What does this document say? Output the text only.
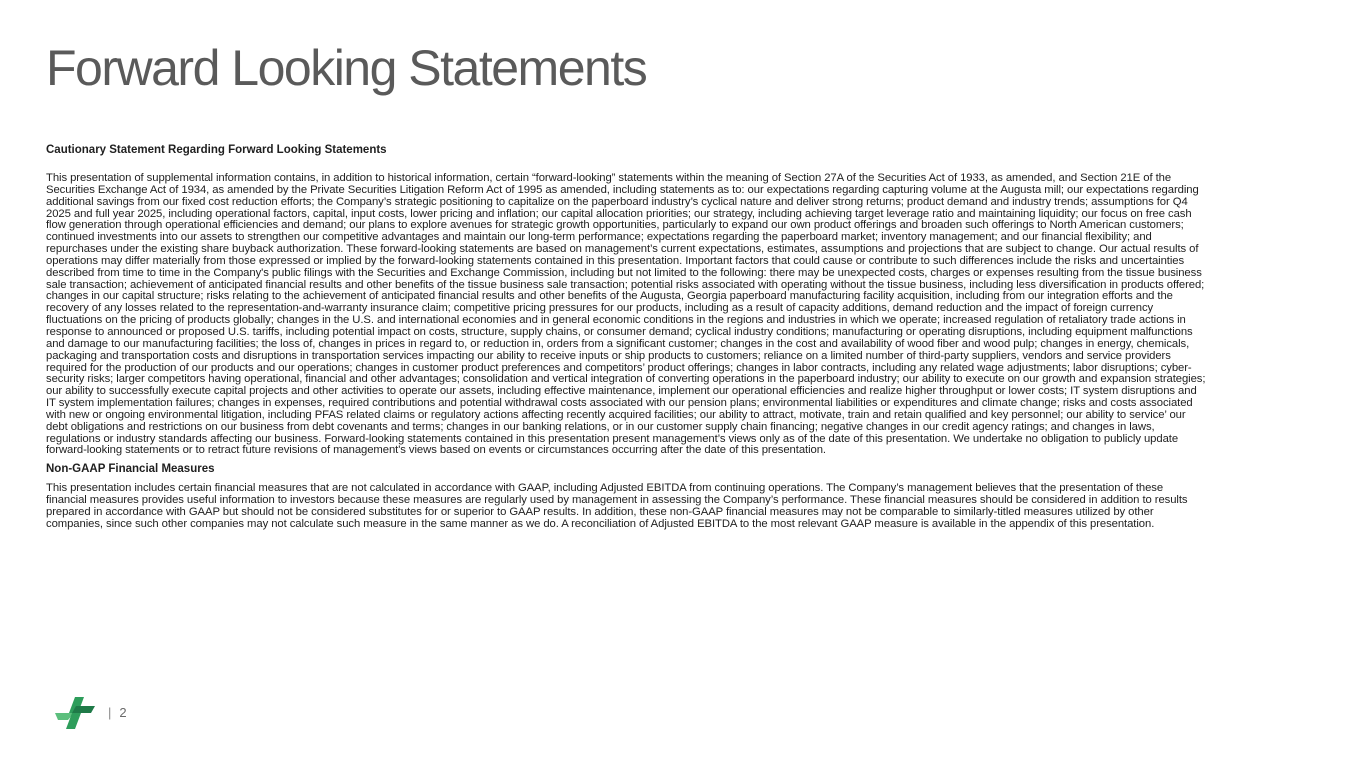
Forward Looking Statements
Cautionary Statement Regarding Forward Looking Statements

This presentation of supplemental information contains, in addition to historical information, certain “forward-looking” statements within the meaning of Section 27A of the Securities Act of 1933, as amended, and Section 21E of the Securities Exchange Act of 1934, as amended by the Private Securities Litigation Reform Act of 1995 as amended, including statements as to: our expectations regarding capturing volume at the Augusta mill; our expectations regarding additional savings from our fixed cost reduction efforts; the Company’s strategic positioning to capitalize on the paperboard industry’s cyclical nature and deliver strong returns; product demand and industry trends; assumptions for Q4 2025 and full year 2025, including operational factors, capital, input costs, lower pricing and inflation; our capital allocation priorities; our strategy, including achieving target leverage ratio and maintaining liquidity; our focus on free cash flow generation through operational efficiencies and demand; our plans to explore avenues for strategic growth opportunities, particularly to expand our own product offerings and broaden such offerings to North American customers; continued investments into our assets to strengthen our competitive advantages and maintain our long-term performance; expectations regarding the paperboard market; inventory management; and our financial flexibility; and repurchases under the existing share buyback authorization. These forward-looking statements are based on management’s current expectations, estimates, assumptions and projections that are subject to change. Our actual results of operations may differ materially from those expressed or implied by the forward-looking statements contained in this presentation. Important factors that could cause or contribute to such differences include the risks and uncertainties described from time to time in the Company's public filings with the Securities and Exchange Commission, including but not limited to the following: there may be unexpected costs, charges or expenses resulting from the tissue business sale transaction; achievement of anticipated financial results and other benefits of the tissue business sale transaction; potential risks associated with operating without the tissue business, including less diversification in products offered; changes in our capital structure; risks relating to the achievement of anticipated financial results and other benefits of the Augusta, Georgia paperboard manufacturing facility acquisition, including from our integration efforts and the recovery of any losses related to the representation-and-warranty insurance claim; competitive pricing pressures for our products, including as a result of capacity additions, demand reduction and the impact of foreign currency fluctuations on the pricing of products globally; changes in the U.S. and international economies and in general economic conditions in the regions and industries in which we operate; increased regulation of retaliatory trade actions in response to announced or proposed U.S. tariffs, including potential impact on costs, structure, supply chains, or consumer demand; cyclical industry conditions; manufacturing or operating disruptions, including equipment malfunctions and damage to our manufacturing facilities; the loss of, changes in prices in regard to, or reduction in, orders from a significant customer; changes in the cost and availability of wood fiber and wood pulp; changes in energy, chemicals, packaging and transportation costs and disruptions in transportation services impacting our ability to receive inputs or ship products to customers; reliance on a limited number of third-party suppliers, vendors and service providers required for the production of our products and our operations; changes in customer product preferences and competitors’ product offerings; changes in labor contracts, including any related wage adjustments; labor disruptions; cyber-security risks; larger competitors having operational, financial and other advantages; consolidation and vertical integration of converting operations in the paperboard industry; our ability to execute on our growth and expansion strategies; our ability to successfully execute capital projects and other activities to operate our assets, including effective maintenance, implement our operational efficiencies and realize higher throughput or lower costs; IT system disruptions and IT system implementation failures; changes in expenses, required contributions and potential withdrawal costs associated with our pension plans; environmental liabilities or expenditures and climate change; risks and costs associated with new or ongoing environmental litigation, including PFAS related claims or regulatory actions affecting recently acquired facilities; our ability to attract, motivate, train and retain qualified and key personnel; our ability to service’ our debt obligations and restrictions on our business from debt covenants and terms; changes in our banking relations, or in our customer supply chain financing; negative changes in our credit agency ratings; and changes in laws, regulations or industry standards affecting our business. Forward-looking statements contained in this presentation present management’s views only as of the date of this presentation. We undertake no obligation to publicly update forward-looking statements or to retract future revisions of management's views based on events or circumstances occurring after the date of this presentation.

Non-GAAP Financial Measures

This presentation includes certain financial measures that are not calculated in accordance with GAAP, including Adjusted EBITDA from continuing operations. The Company’s management believes that the presentation of these financial measures provides useful information to investors because these measures are regularly used by management in assessing the Company’s performance. These financial measures should be considered in addition to results prepared in accordance with GAAP but should not be considered substitutes for or superior to GAAP results. In addition, these non-GAAP financial measures may not be comparable to similarly-titled measures utilized by other companies, since such other companies may not calculate such measure in the same manner as we do. A reconciliation of Adjusted EBITDA to the most relevant GAAP measure is available in the appendix of this presentation.

| 2
